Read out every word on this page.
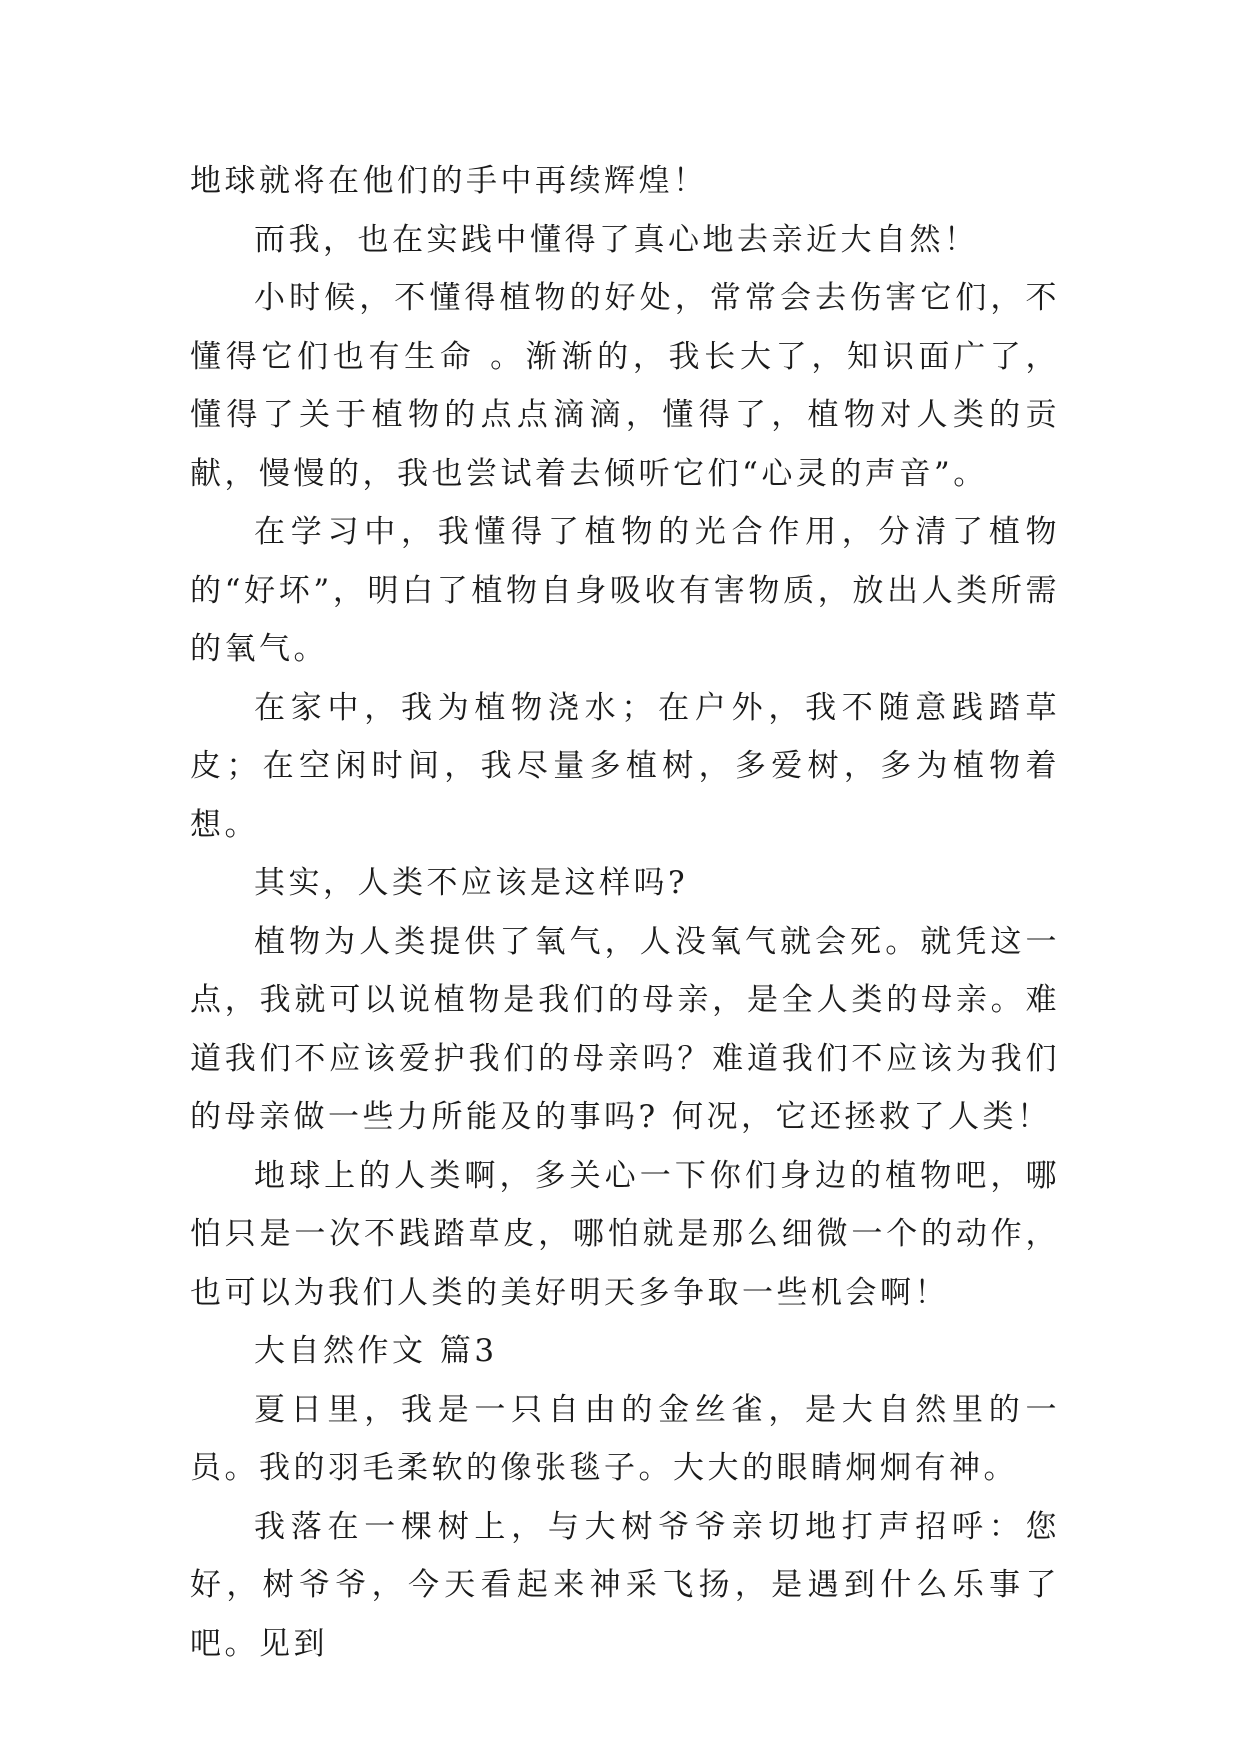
地球就将在他们的手中再续辉煌！

而我，也在实践中懂得了真心地去亲近大自然！

小时候，不懂得植物的好处，常常会去伤害它们，不懂得它们也有生命 。渐渐的，我长大了，知识面广了，懂得了关于植物的点点滴滴，懂得了，植物对人类的贡献，慢慢的，我也尝试着去倾听它们“心灵的声音”。

在学习中，我懂得了植物的光合作用，分清了植物的“好坏”，明白了植物自身吸收有害物质，放出人类所需的氧气。

在家中，我为植物浇水；在户外，我不随意践踏草皮；在空闲时间，我尽量多植树，多爱树，多为植物着想。

其实，人类不应该是这样吗?

植物为人类提供了氧气，人没氧气就会死。就凭这一点，我就可以说植物是我们的母亲，是全人类的母亲。难道我们不应该爱护我们的母亲吗？难道我们不应该为我们的母亲做一些力所能及的事吗? 何况，它还拯救了人类！

地球上的人类啊，多关心一下你们身边的植物吧，哪怕只是一次不践踏草皮，哪怕就是那么细微一个的动作，也可以为我们人类的美好明天多争取一些机会啊！

大自然作文 篇3

夏日里，我是一只自由的金丝雀，是大自然里的一员。我的羽毛柔软的像张毯子。大大的眼睛炯炯有神。

我落在一棵树上，与大树爷爷亲切地打声招呼：您好，树爷爷，今天看起来神采飞扬，是遇到什么乐事了吧。见到
